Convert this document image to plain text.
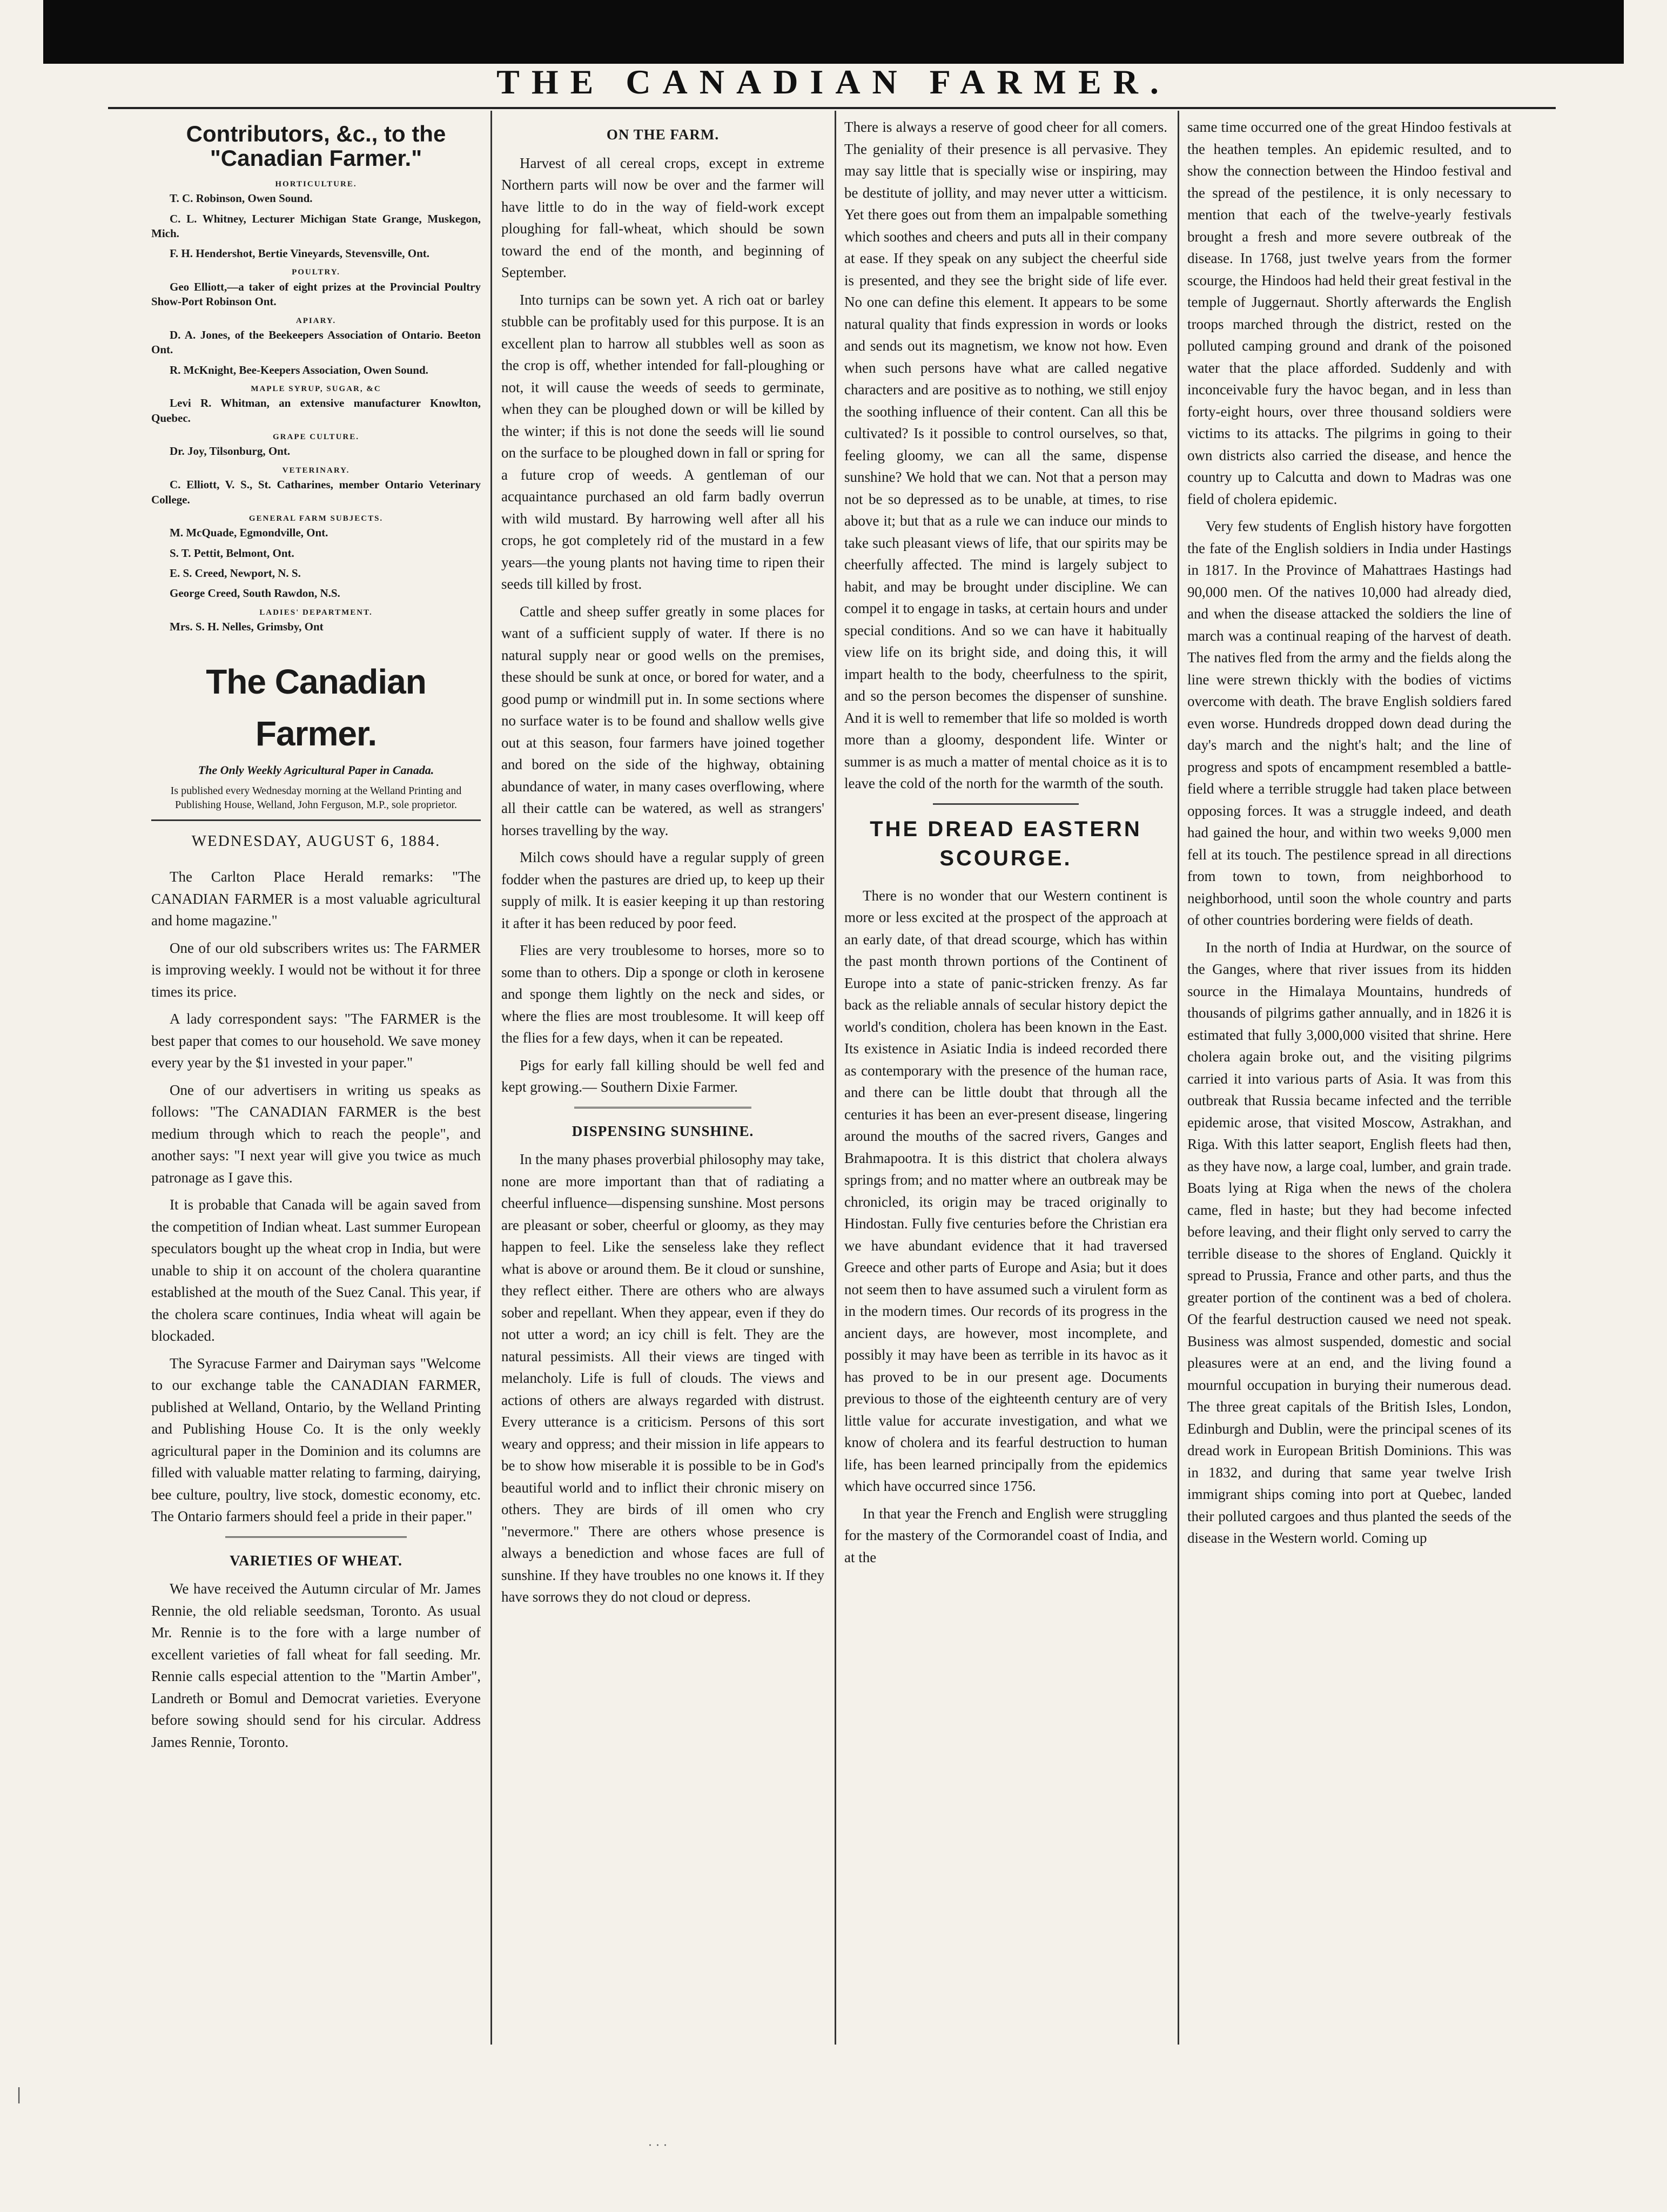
THE CANADIAN FARMER.
Contributors, &c., to the "Canadian Farmer."
HORTICULTURE.

T. C. Robinson, Owen Sound.

C. L. Whitney, Lecturer Michigan State Grange, Muskegon, Mich.

F. H. Hendershot, Bertie Vineyards, Stevensville, Ont.

POULTRY.

Geo Elliott,—a taker of eight prizes at the Provincial Poultry Show-Port Robinson Ont.

APIARY.

D. A. Jones, of the Beekeepers Association of Ontario. Beeton Ont.

R. McKnight, Bee-Keepers Association, Owen Sound.

MAPLE SYRUP, SUGAR, &C

Levi R. Whitman, an extensive manufacturer Knowlton, Quebec.

GRAPE CULTURE.

Dr. Joy, Tilsonburg, Ont.

VETERINARY.

C. Elliott, V. S., St. Catharines, member Ontario Veterinary College.

GENERAL FARM SUBJECTS.

M. McQuade, Egmondville, Ont.

S. T. Pettit, Belmont, Ont.

E. S. Creed, Newport, N. S.

George Creed, South Rawdon, N.S.

LADIES' DEPARTMENT.

Mrs. S. H. Nelles, Grimsby, Ont

The Canadian Farmer.
The Only Weekly Agricultural Paper in Canada.
Is published every Wednesday morning at the Welland Printing and Publishing House, Welland, John Ferguson, M.P., sole proprietor.
WEDNESDAY, AUGUST 6, 1884.

The Carlton Place Herald remarks: "The CANADIAN FARMER is a most valuable agricultural and home magazine."

One of our old subscribers writes us: The FARMER is improving weekly. I would not be without it for three times its price.

A lady correspondent says: "The FARMER is the best paper that comes to our household. We save money every year by the $1 invested in your paper."

One of our advertisers in writing us speaks as follows: "The CANADIAN FARMER is the best medium through which to reach the people", and another says: "I next year will give you twice as much patronage as I gave this.

It is probable that Canada will be again saved from the competition of Indian wheat. Last summer European speculators bought up the wheat crop in India, but were unable to ship it on account of the cholera quarantine established at the mouth of the Suez Canal. This year, if the cholera scare continues, India wheat will again be blockaded.

The Syracuse Farmer and Dairyman says "Welcome to our exchange table the CANADIAN FARMER, published at Welland, Ontario, by the Welland Printing and Publishing House Co. It is the only weekly agricultural paper in the Dominion and its columns are filled with valuable matter relating to farming, dairying, bee culture, poultry, live stock, domestic economy, etc. The Ontario farmers should feel a pride in their paper."

VARIETIES OF WHEAT.

We have received the Autumn circular of Mr. James Rennie, the old reliable seedsman, Toronto. As usual Mr. Rennie is to the fore with a large number of excellent varieties of fall wheat for fall seeding. Mr. Rennie calls especial attention to the "Martin Amber", Landreth or Bomul and Democrat varieties. Everyone before sowing should send for his circular. Address James Rennie, Toronto.

ON THE FARM.

Harvest of all cereal crops, except in extreme Northern parts will now be over and the farmer will have little to do in the way of field-work except ploughing for fall-wheat, which should be sown toward the end of the month, and beginning of September.

Into turnips can be sown yet. A rich oat or barley stubble can be profitably used for this purpose. It is an excellent plan to harrow all stubbles well as soon as the crop is off, whether intended for fall-ploughing or not, it will cause the weeds of seeds to germinate, when they can be ploughed down or will be killed by the winter; if this is not done the seeds will lie sound on the surface to be ploughed down in fall or spring for a future crop of weeds. A gentleman of our acquaintance purchased an old farm badly overrun with wild mustard. By harrowing well after all his crops, he got completely rid of the mustard in a few years—the young plants not having time to ripen their seeds till killed by frost.

Cattle and sheep suffer greatly in some places for want of a sufficient supply of water. If there is no natural supply near or good wells on the premises, these should be sunk at once, or bored for water, and a good pump or windmill put in. In some sections where no surface water is to be found and shallow wells give out at this season, four farmers have joined together and bored on the side of the highway, obtaining abundance of water, in many cases overflowing, where all their cattle can be watered, as well as strangers' horses travelling by the way.

Milch cows should have a regular supply of green fodder when the pastures are dried up, to keep up their supply of milk. It is easier keeping it up than restoring it after it has been reduced by poor feed.

Flies are very troublesome to horses, more so to some than to others. Dip a sponge or cloth in kerosene and sponge them lightly on the neck and sides, or where the flies are most troublesome. It will keep off the flies for a few days, when it can be repeated.

Pigs for early fall killing should be well fed and kept growing.— Southern Dixie Farmer.

DISPENSING SUNSHINE.

In the many phases proverbial philosophy may take, none are more important than that of radiating a cheerful influence—dispensing sunshine. Most persons are pleasant or sober, cheerful or gloomy, as they may happen to feel. Like the senseless lake they reflect what is above or around them. Be it cloud or sunshine, they reflect either. There are others who are always sober and repellant. When they appear, even if they do not utter a word; an icy chill is felt. They are the natural pessimists. All their views are tinged with melancholy. Life is full of clouds. The views and actions of others are always regarded with distrust. Every utterance is a criticism. Persons of this sort weary and oppress; and their mission in life appears to be to show how miserable it is possible to be in God's beautiful world and to inflict their chronic misery on others. They are birds of ill omen who cry "nevermore." There are others whose presence is always a benediction and whose faces are full of sunshine. If they have troubles no one knows it. If they have sorrows they do not cloud or depress.

There is always a reserve of good cheer for all comers. The geniality of their presence is all pervasive. They may say little that is specially wise or inspiring, may be destitute of jollity, and may never utter a witticism. Yet there goes out from them an impalpable something which soothes and cheers and puts all in their company at ease. If they speak on any subject the cheerful side is presented, and they see the bright side of life ever. No one can define this element. It appears to be some natural quality that finds expression in words or looks and sends out its magnetism, we know not how. Even when such persons have what are called negative characters and are positive as to nothing, we still enjoy the soothing influence of their content. Can all this be cultivated? Is it possible to control ourselves, so that, feeling gloomy, we can all the same, dispense sunshine? We hold that we can. Not that a person may not be so depressed as to be unable, at times, to rise above it; but that as a rule we can induce our minds to take such pleasant views of life, that our spirits may be cheerfully affected. The mind is largely subject to habit, and may be brought under discipline. We can compel it to engage in tasks, at certain hours and under special conditions. And so we can have it habitually view life on its bright side, and doing this, it will impart health to the body, cheerfulness to the spirit, and so the person becomes the dispenser of sunshine. And it is well to remember that life so molded is worth more than a gloomy, despondent life. Winter or summer is as much a matter of mental choice as it is to leave the cold of the north for the warmth of the south.

THE DREAD EASTERN SCOURGE.

There is no wonder that our Western continent is more or less excited at the prospect of the approach at an early date, of that dread scourge, which has within the past month thrown portions of the Continent of Europe into a state of panic-stricken frenzy. As far back as the reliable annals of secular history depict the world's condition, cholera has been known in the East. Its existence in Asiatic India is indeed recorded there as contemporary with the presence of the human race, and there can be little doubt that through all the centuries it has been an ever-present disease, lingering around the mouths of the sacred rivers, Ganges and Brahmapootra. It is this district that cholera always springs from; and no matter where an outbreak may be chronicled, its origin may be traced originally to Hindostan. Fully five centuries before the Christian era we have abundant evidence that it had traversed Greece and other parts of Europe and Asia; but it does not seem then to have assumed such a virulent form as in the modern times. Our records of its progress in the ancient days, are however, most incomplete, and possibly it may have been as terrible in its havoc as it has proved to be in our present age. Documents previous to those of the eighteenth century are of very little value for accurate investigation, and what we know of cholera and its fearful destruction to human life, has been learned principally from the epidemics which have occurred since 1756.

In that year the French and English were struggling for the mastery of the Cormorandel coast of India, and at the

same time occurred one of the great Hindoo festivals at the heathen temples. An epidemic resulted, and to show the connection between the Hindoo festival and the spread of the pestilence, it is only necessary to mention that each of the twelve-yearly festivals brought a fresh and more severe outbreak of the disease. In 1768, just twelve years from the former scourge, the Hindoos had held their great festival in the temple of Juggernaut. Shortly afterwards the English troops marched through the district, rested on the polluted camping ground and drank of the poisoned water that the place afforded. Suddenly and with inconceivable fury the havoc began, and in less than forty-eight hours, over three thousand soldiers were victims to its attacks. The pilgrims in going to their own districts also carried the disease, and hence the country up to Calcutta and down to Madras was one field of cholera epidemic.

Very few students of English history have forgotten the fate of the English soldiers in India under Hastings in 1817. In the Province of Mahattraes Hastings had 90,000 men. Of the natives 10,000 had already died, and when the disease attacked the soldiers the line of march was a continual reaping of the harvest of death. The natives fled from the army and the fields along the line were strewn thickly with the bodies of victims overcome with death. The brave English soldiers fared even worse. Hundreds dropped down dead during the day's march and the night's halt; and the line of progress and spots of encampment resembled a battle-field where a terrible struggle had taken place between opposing forces. It was a struggle indeed, and death had gained the hour, and within two weeks 9,000 men fell at its touch. The pestilence spread in all directions from town to town, from neighborhood to neighborhood, until soon the whole country and parts of other countries bordering were fields of death.

In the north of India at Hurdwar, on the source of the Ganges, where that river issues from its hidden source in the Himalaya Mountains, hundreds of thousands of pilgrims gather annually, and in 1826 it is estimated that fully 3,000,000 visited that shrine. Here cholera again broke out, and the visiting pilgrims carried it into various parts of Asia. It was from this outbreak that Russia became infected and the terrible epidemic arose, that visited Moscow, Astrakhan, and Riga. With this latter seaport, English fleets had then, as they have now, a large coal, lumber, and grain trade. Boats lying at Riga when the news of the cholera came, fled in haste; but they had become infected before leaving, and their flight only served to carry the terrible disease to the shores of England. Quickly it spread to Prussia, France and other parts, and thus the greater portion of the continent was a bed of cholera. Of the fearful destruction caused we need not speak. Business was almost suspended, domestic and social pleasures were at an end, and the living found a mournful occupation in burying their numerous dead. The three great capitals of the British Isles, London, Edinburgh and Dublin, were the principal scenes of its dread work in European British Dominions. This was in 1832, and during that same year twelve Irish immigrant ships coming into port at Quebec, landed their polluted cargoes and thus planted the seeds of the disease in the Western world. Coming up

|
· · ·
